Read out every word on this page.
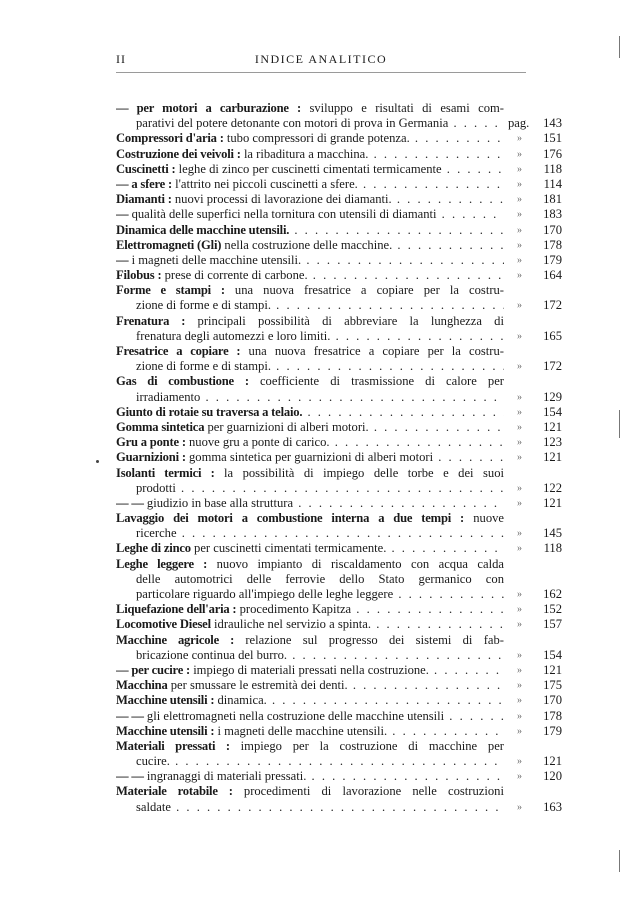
II	INDICE ANALITICO
— per motori a carburazione : sviluppo e risultati di esami com-
parativi del potere detonante con motori di prova in Germania . . .	pag. 143
Compressori d'aria : tubo compressori di grande potenza. . . .	» 151
Costruzione dei veivoli : la ribaditura a macchina. . . .	» 176
Cuscinetti : leghe di zinco per cuscinetti cimentati termicamente . . .	» 118
— a sfere : l'attrito nei piccoli cuscinetti a sfere. . . .	» 114
Diamanti : nuovi processi di lavorazione dei diamanti. . . .	» 181
— qualità delle superfici nella tornitura con utensili di diamanti . . .	» 183
Dinamica delle macchine utensili. . . .	» 170
Elettromagneti (Gli) nella costruzione delle macchine. . . .	» 178
— i magneti delle macchine utensili. . . .	» 179
Filobus : prese di corrente di carbone. . . .	» 164
Forme e stampi : una nuova fresatrice a copiare per la costru-
zione di forme e di stampi. . . .	» 172
Frenatura : principali possibilità di abbreviare la lunghezza di
frenatura degli automezzi e loro limiti. . . .	» 165
Fresatrice a copiare : una nuova fresatrice a copiare per la costru-
zione di forme e di stampi. . . .	» 172
Gas di combustione : coefficiente di trasmissione di calore per
irradiamento . . .	» 129
Giunto di rotaie su traversa a telaio. . . .	» 154
Gomma sintetica per guarnizioni di alberi motori. . . .	» 121
Gru a ponte : nuove gru a ponte di carico. . . .	» 123
Guarnizioni : gomma sintetica per guarnizioni di alberi motori . . .	» 121
Isolanti termici : la possibilità di impiego delle torbe e dei suoi
prodotti . . .	» 122
— — giudizio in base alla struttura . . .	» 121
Lavaggio dei motori a combustione interna a due tempi : nuove
ricerche . . .	» 145
Leghe di zinco per cuscinetti cimentati termicamente. . . .	» 118
Leghe leggere : nuovo impianto di riscaldamento con acqua calda
delle automotrici delle ferrovie dello Stato germanico con
particolare riguardo all'impiego delle leghe leggere . . .	» 162
Liquefazione dell'aria : procedimento Kapitza . . .	» 152
Locomotive Diesel idrauliche nel servizio a spinta. . . .	» 157
Macchine agricole : relazione sul progresso dei sistemi di fab-
bricazione continua del burro. . . .	» 154
— per cucire : impiego di materiali pressati nella costruzione. . . .	» 121
Macchina per smussare le estremità dei denti. . . .	» 175
Macchine utensili : dinamica. . . .	» 170
— — gli elettromagneti nella costruzione delle macchine utensili . . .	» 178
Macchine utensili : i magneti delle macchine utensili. . . .	» 179
Materiali pressati : impiego per la costruzione di macchine per
cucire. . . .	» 121
— — ingranaggi di materiali pressati. . . .	» 120
Materiale rotabile : procedimenti di lavorazione nelle costruzioni
saldate . . .	» 163
